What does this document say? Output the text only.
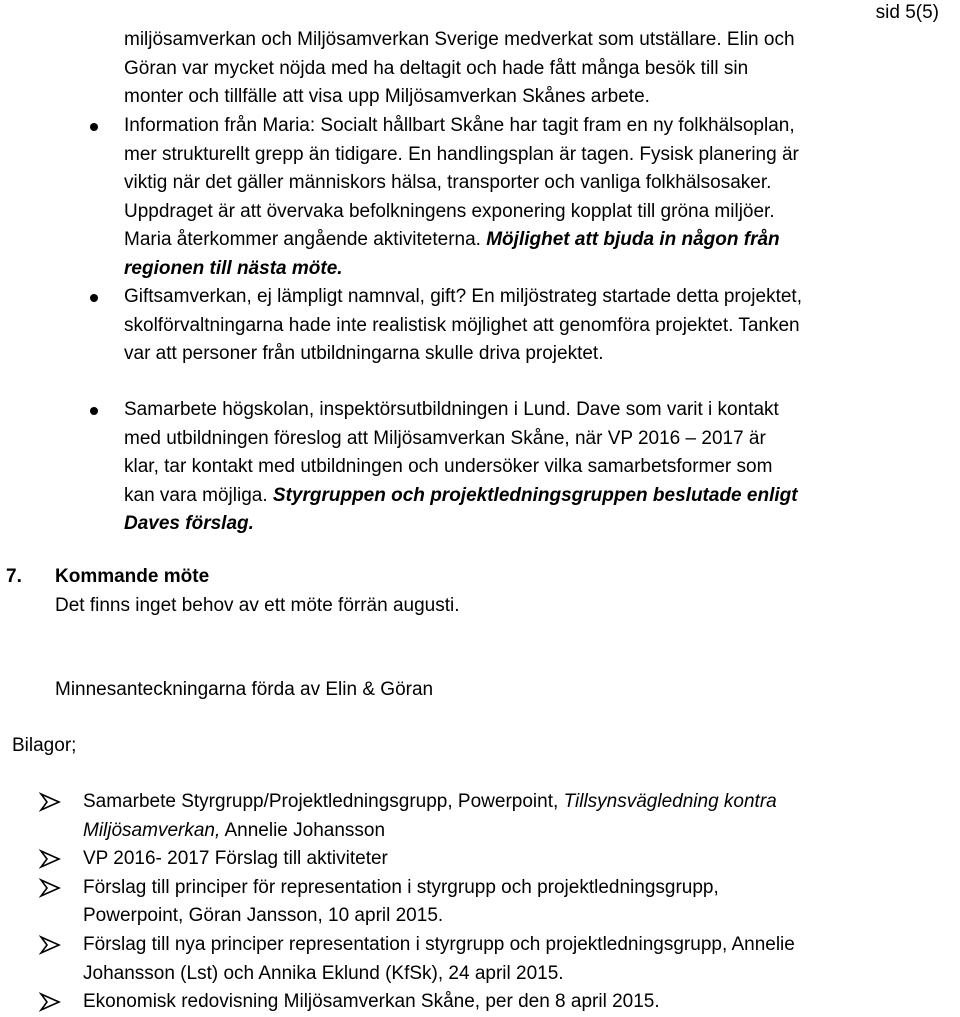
sid 5(5)
miljösamverkan och Miljösamverkan Sverige medverkat som utställare. Elin och
Göran var mycket nöjda med ha deltagit och hade fått många besök till sin
monter och tillfälle att visa upp Miljösamverkan Skånes arbete.
Information från Maria: Socialt hållbart Skåne har tagit fram en ny folkhälsoplan,
mer strukturellt grepp än tidigare. En handlingsplan är tagen. Fysisk planering är
viktig när det gäller människors hälsa, transporter och vanliga folkhälsosaker.
Uppdraget är att övervaka befolkningens exponering kopplat till gröna miljöer.
Maria återkommer angående aktiviteterna. Möjlighet att bjuda in någon från
regionen till nästa möte.
Giftsamverkan, ej lämpligt namnval, gift? En miljöstrateg startade detta projektet,
skolförvaltningarna hade inte realistisk möjlighet att genomföra projektet. Tanken
var att personer från utbildningarna skulle driva projektet.
Samarbete högskolan, inspektörsutbildningen i Lund. Dave som varit i kontakt
med utbildningen föreslog att Miljösamverkan Skåne, när VP 2016 – 2017 är
klar, tar kontakt med utbildningen och undersöker vilka samarbetsformer som
kan vara möjliga. Styrgruppen och projektledningsgruppen beslutade enligt
Daves förslag.
7. Kommande möte
Det finns inget behov av ett möte förrän augusti.
Minnesanteckningarna förda av Elin & Göran
Bilagor;
Samarbete Styrgrupp/Projektledningsgrupp, Powerpoint, Tillsynsvägledning kontra
Miljösamverkan, Annelie Johansson
VP 2016- 2017 Förslag till aktiviteter
Förslag till principer för representation i styrgrupp och projektledningsgrupp,
Powerpoint, Göran Jansson, 10 april 2015.
Förslag till nya principer representation i styrgrupp och projektledningsgrupp, Annelie
Johansson (Lst) och Annika Eklund (KfSk), 24 april 2015.
Ekonomisk redovisning Miljösamverkan Skåne, per den 8 april 2015.
